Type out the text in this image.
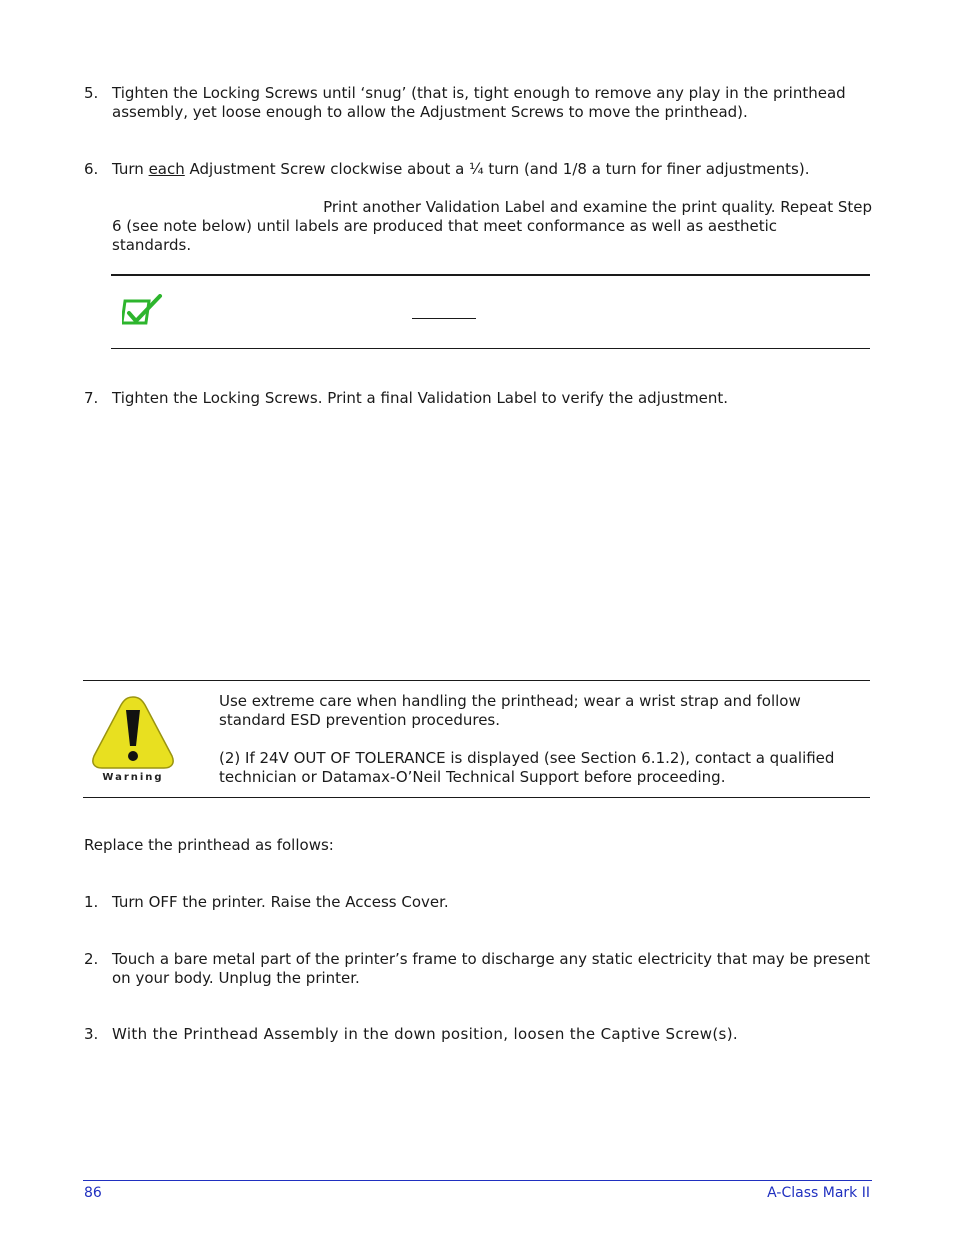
5. Tighten the Locking Screws until ‘snug’ (that is, tight enough to remove any play in the printhead assembly, yet loose enough to allow the Adjustment Screws to move the printhead).
6. Turn each Adjustment Screw clockwise about a ¼ turn (and 1/8 a turn for finer adjustments).
Print another Validation Label and examine the print quality. Repeat Step
6 (see note below) until labels are produced that meet conformance as well as aesthetic standards.
7. Tighten the Locking Screws. Print a final Validation Label to verify the adjustment.
Warning
Use extreme care when handling the printhead; wear a wrist strap and follow standard ESD prevention procedures.
(2) If 24V OUT OF TOLERANCE is displayed (see Section 6.1.2), contact a qualified technician or Datamax-O’Neil Technical Support before proceeding.
Replace the printhead as follows:
1. Turn OFF the printer. Raise the Access Cover.
2. Touch a bare metal part of the printer’s frame to discharge any static electricity that may be present on your body. Unplug the printer.
3. With the Printhead Assembly in the down position, loosen the Captive Screw(s).
86	A-Class Mark II
